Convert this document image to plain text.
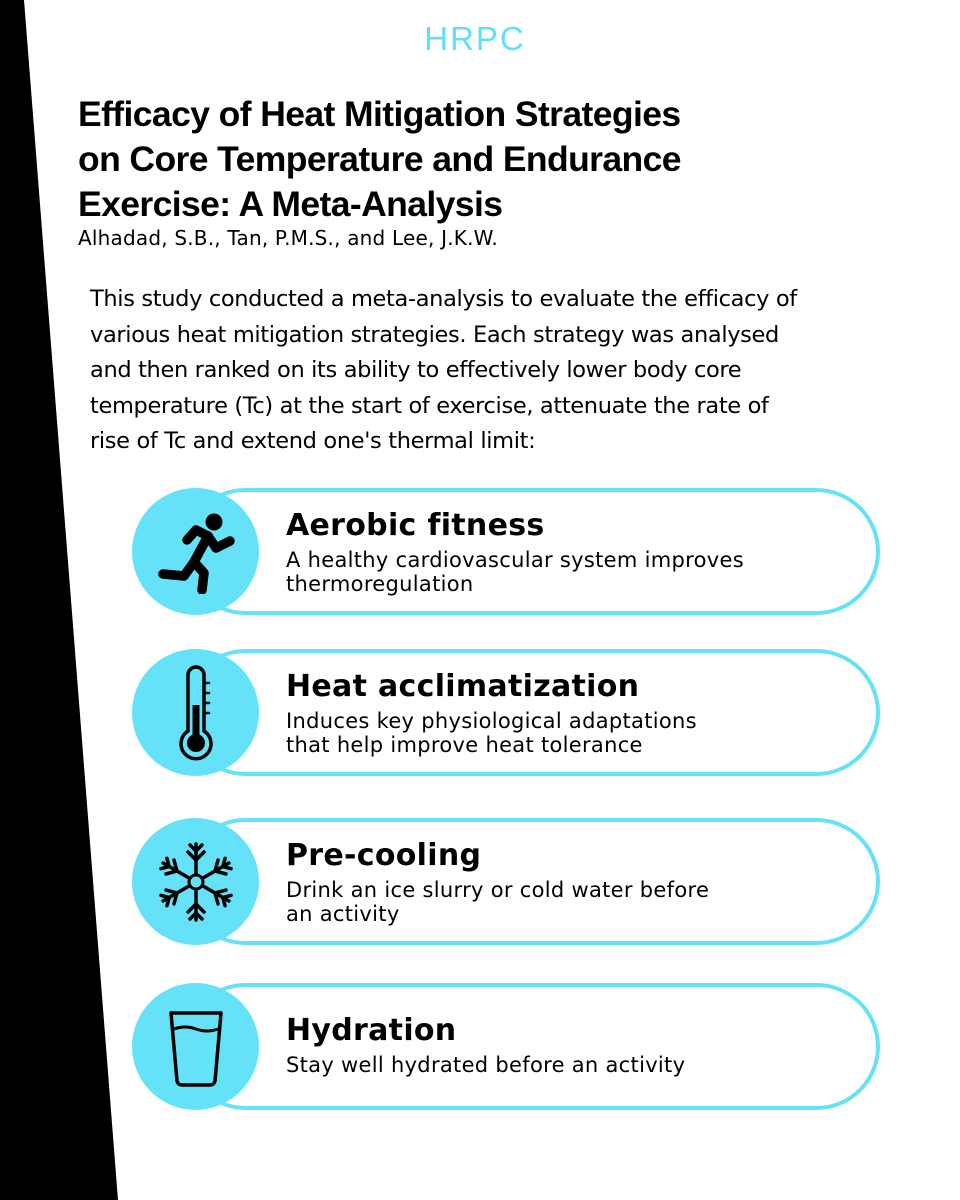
HRPC
Efficacy of Heat Mitigation Strategies
on Core Temperature and Endurance
Exercise: A Meta-Analysis
Alhadad, S.B., Tan, P.M.S., and Lee, J.K.W.

This study conducted a meta-analysis to evaluate the efficacy of
various heat mitigation strategies. Each strategy was analysed
and then ranked on its ability to effectively lower body core
temperature (Tc) at the start of exercise, attenuate the rate of
rise of Tc and extend one's thermal limit:

Aerobic fitness
A healthy cardiovascular system improves
thermoregulation
Heat acclimatization
Induces key physiological adaptations
that help improve heat tolerance
Pre-cooling
Drink an ice slurry or cold water before
an activity
Hydration
Stay well hydrated before an activity
